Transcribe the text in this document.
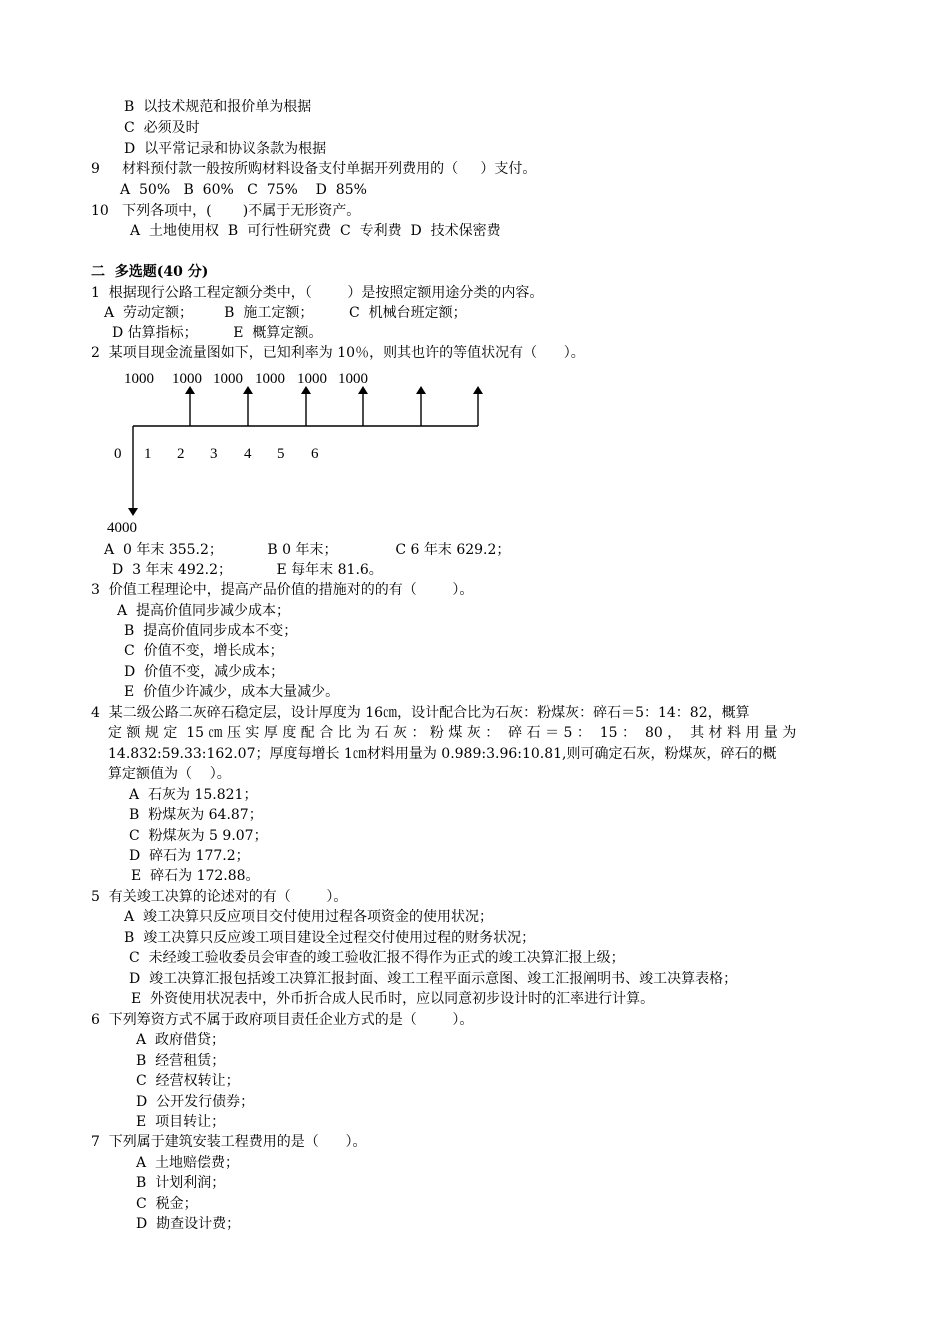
B  以技术规范和报价单为根据
C  必须及时
D  以平常记录和协议条款为根据
9     材料预付款一般按所购材料设备支付单据开列费用的（     ）支付。
A  50%   B  60%   C  75%    D  85%
10   下列各项中，(       )不属于无形资产。
A  土地使用权  B  可行性研究费  C  专利费  D  技术保密费
二  多选题(40 分)
1  根据现行公路工程定额分类中，（        ）是按照定额用途分类的内容。
A  劳动定额；       B  施工定额；        C  机械台班定额；
D 估算指标；        E  概算定额。
2  某项目现金流量图如下，已知利率为 10％，则其也许的等值状况有（      ）。
A  0 年末 355.2；          B 0 年末；             C 6 年末 629.2；
D  3 年末 492.2；          E 每年末 81.6。
3  价值工程理论中，提高产品价值的措施对的的有（        ）。
A  提高价值同步减少成本；
B  提高价值同步成本不变；
C  价值不变，增长成本；
D  价值不变，减少成本；
E  价值少许减少，成本大量减少。
4  某二级公路二灰碎石稳定层，设计厚度为 16㎝，设计配合比为石灰：粉煤灰：碎石＝5：14：82，概算
定 额 规 定  15 ㎝ 压 实 厚 度 配 合 比 为 石 灰 ： 粉 煤 灰 ：  碎 石 ＝ 5 ：  15 ：  80 ，  其 材 料 用 量 为
14.832:59.33:162.07；厚度每增长 1㎝材料用量为 0.989:3.96:10.81,则可确定石灰，粉煤灰，碎石的概
算定额值为（    ）。
A  石灰为 15.821；
B  粉煤灰为 64.87；
C  粉煤灰为 5 9.07；
D  碎石为 177.2；
E  碎石为 172.88。
5  有关竣工决算的论述对的有（        ）。
A  竣工决算只反应项目交付使用过程各项资金的使用状况；
B  竣工决算只反应竣工项目建设全过程交付使用过程的财务状况；
C  未经竣工验收委员会审查的竣工验收汇报不得作为正式的竣工决算汇报上级；
D  竣工决算汇报包括竣工决算汇报封面、竣工工程平面示意图、竣工汇报阐明书、竣工决算表格；
E  外资使用状况表中，外币折合成人民币时，应以同意初步设计时的汇率进行计算。
6  下列筹资方式不属于政府项目责任企业方式的是（        ）。
A  政府借贷；
B  经营租赁；
C  经营权转让；
D  公开发行债券；
E  项目转让；
7  下列属于建筑安装工程费用的是（      ）。
A  土地赔偿费；
B  计划利润；
C  税金；
D  勘查设计费；
1000 1000 1000 1000 1000 1000
0 1 2 3 4 5 6
4000
